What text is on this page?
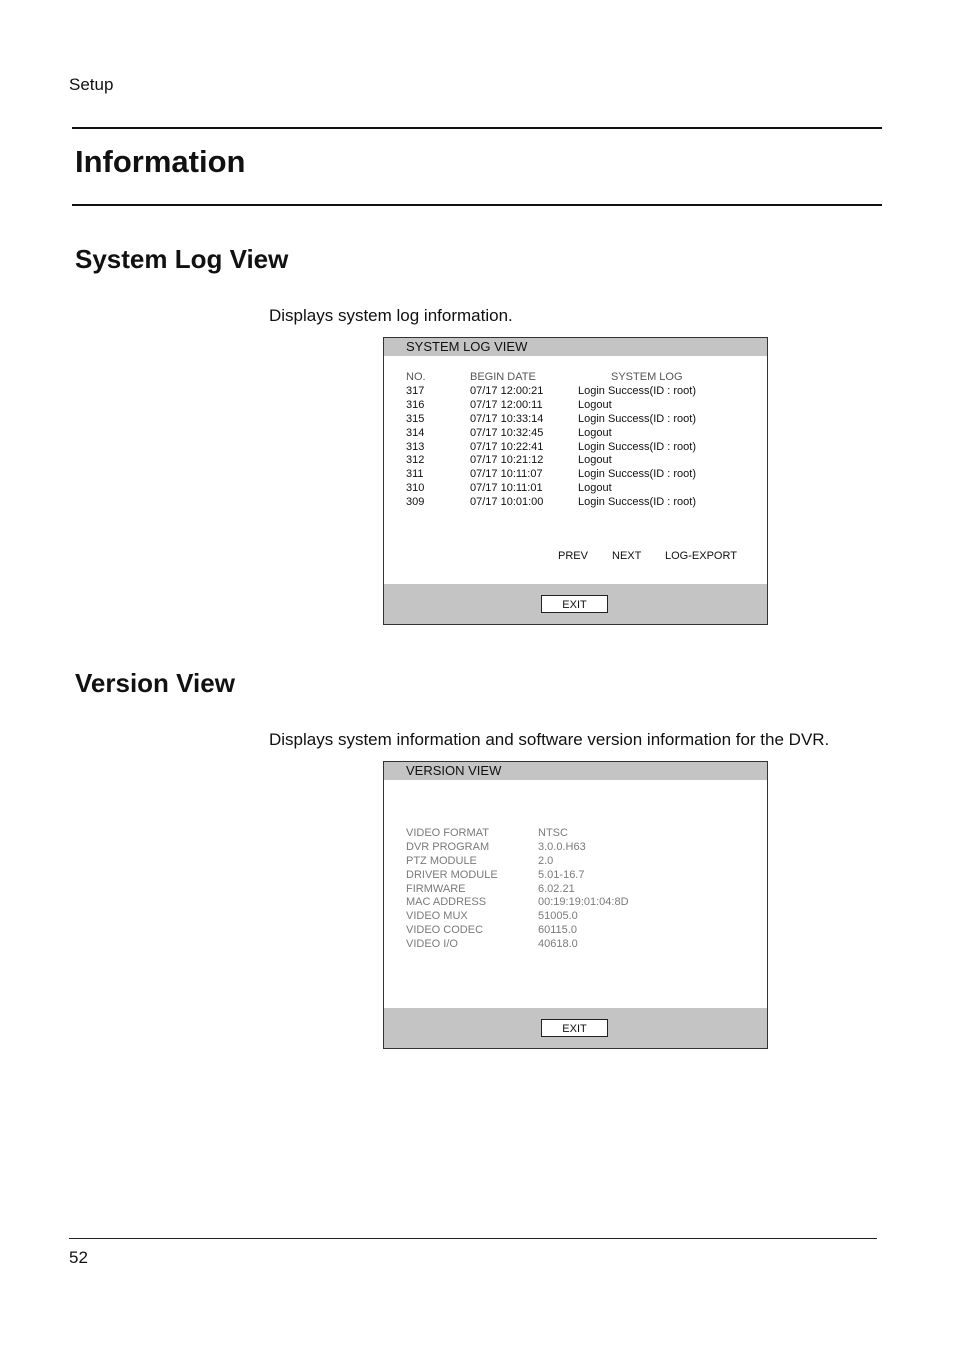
Setup
Information
System Log View
Displays system log information.
SYSTEM LOG VIEW
NO.	BEGIN DATE	SYSTEM LOG
317	07/17 12:00:21	Login Success(ID : root)
316	07/17 12:00:11	Logout
315	07/17 10:33:14	Login Success(ID : root)
314	07/17 10:32:45	Logout
313	07/17 10:22:41	Login Success(ID : root)
312	07/17 10:21:12	Logout
311	07/17 10:11:07	Login Success(ID : root)
310	07/17 10:11:01	Logout
309	07/17 10:01:00	Login Success(ID : root)
PREV NEXT LOG-EXPORT
EXIT
Version View
Displays system information and software version information for the DVR.
VERSION VIEW
VIDEO FORMAT	NTSC
DVR PROGRAM	3.0.0.H63
PTZ MODULE	2.0
DRIVER MODULE	5.01-16.7
FIRMWARE	6.02.21
MAC ADDRESS	00:19:19:01:04:8D
VIDEO MUX	51005.0
VIDEO CODEC	60115.0
VIDEO I/O	40618.0
EXIT
52
